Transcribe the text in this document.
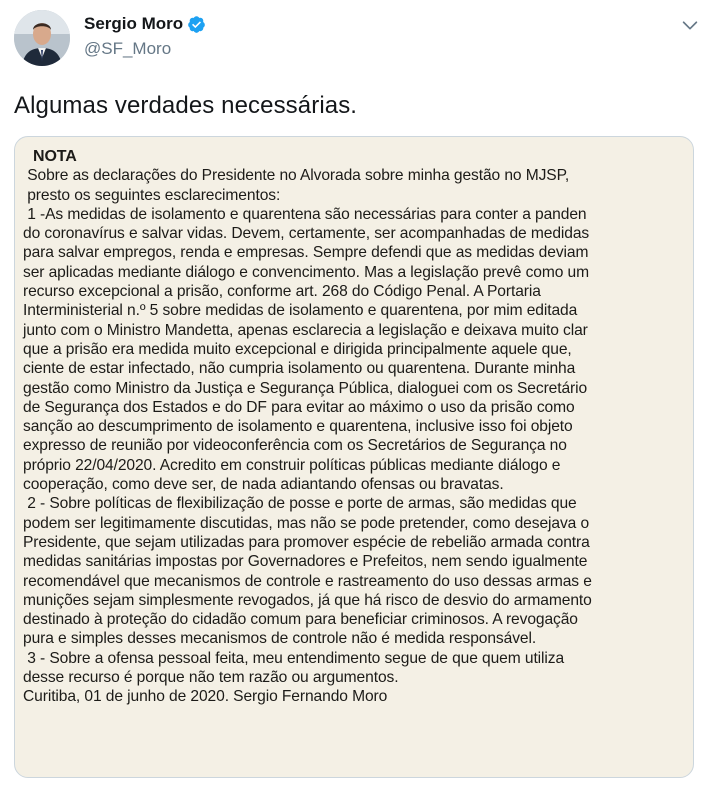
Sergio Moro
@SF_Moro
Algumas verdades necessárias.
NOTA
Sobre as declarações do Presidente no Alvorada sobre minha gestão no MJSP,
presto os seguintes esclarecimentos:
1 -As medidas de isolamento e quarentena são necessárias para conter a panden
do coronavírus e salvar vidas. Devem, certamente, ser acompanhadas de medidas
para salvar empregos, renda e empresas. Sempre defendi que as medidas deviam
ser aplicadas mediante diálogo e convencimento. Mas a legislação prevê como um
recurso excepcional a prisão, conforme art. 268 do Código Penal. A Portaria
Interministerial n.º 5 sobre medidas de isolamento e quarentena, por mim editada
junto com o Ministro Mandetta, apenas esclarecia a legislação e deixava muito clar
que a prisão era medida muito excepcional e dirigida principalmente aquele que,
ciente de estar infectado, não cumpria isolamento ou quarentena. Durante minha
gestão como Ministro da Justiça e Segurança Pública, dialoguei com os Secretário
de Segurança dos Estados e do DF para evitar ao máximo o uso da prisão como
sanção ao descumprimento de isolamento e quarentena, inclusive isso foi objeto
expresso de reunião por videoconferência com os Secretários de Segurança no
próprio 22/04/2020. Acredito em construir políticas públicas mediante diálogo e
cooperação, como deve ser, de nada adiantando ofensas ou bravatas.
2 - Sobre políticas de flexibilização de posse e porte de armas, são medidas que
podem ser legitimamente discutidas, mas não se pode pretender, como desejava o
Presidente, que sejam utilizadas para promover espécie de rebelião armada contra
medidas sanitárias impostas por Governadores e Prefeitos, nem sendo igualmente
recomendável que mecanismos de controle e rastreamento do uso dessas armas e
munições sejam simplesmente revogados, já que há risco de desvio do armamento
destinado à proteção do cidadão comum para beneficiar criminosos. A revogação
pura e simples desses mecanismos de controle não é medida responsável.
3 - Sobre a ofensa pessoal feita, meu entendimento segue de que quem utiliza
desse recurso é porque não tem razão ou argumentos.
Curitiba, 01 de junho de 2020. Sergio Fernando Moro
